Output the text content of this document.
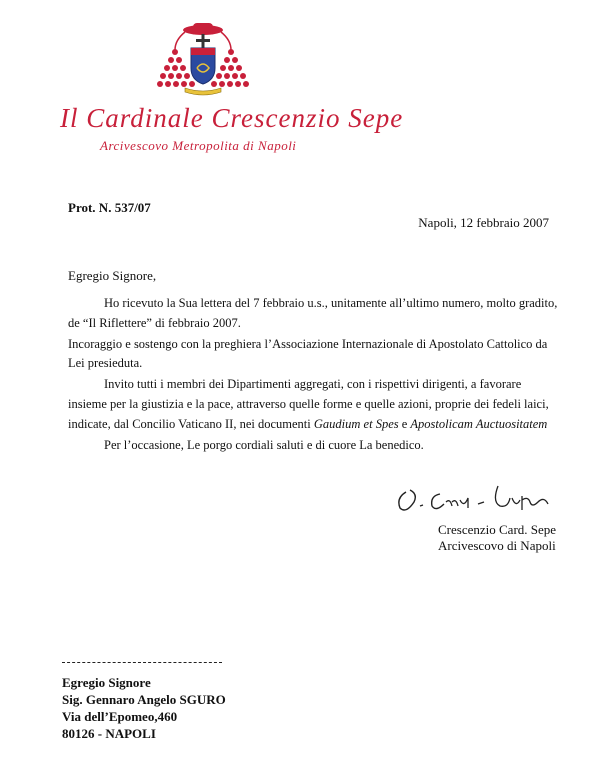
Il Cardinale Crescenzio Sepe
Arcivescovo Metropolita di Napoli
Prot. N. 537/07
Napoli, 12 febbraio 2007
Egregio Signore,

Ho ricevuto la Sua lettera del 7 febbraio u.s., unitamente all’ultimo numero, molto gradito, de “Il Riflettere” di febbraio 2007.

Incoraggio e sostengo con la preghiera l’Associazione Internazionale di Apostolato Cattolico da Lei presieduta.

Invito tutti i membri dei Dipartimenti aggregati, con i rispettivi dirigenti, a favorare insieme per la giustizia e la pace, attraverso quelle forme e quelle azioni, proprie dei fedeli laici, indicate, dal Concilio Vaticano II, nei documenti Gaudium et Spes e Apostolicam Auctuositatem

Per l’occasione, Le porgo cordiali saluti e di cuore La benedico.

Crescenzio Card. Sepe
Arcivescovo di Napoli
Egregio Signore
Sig. Gennaro Angelo SGURO
Via dell’Epomeo,460
80126 - NAPOLI
